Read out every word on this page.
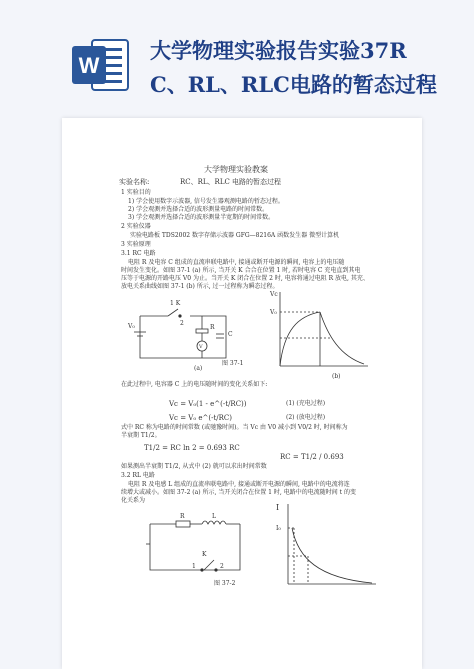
W
大学物理实验报告实验37R
C、RL、RLC电路的暂态过程
大学物理实验教案
实验名称:	RC、RL、RLC 电路的暂态过程
1 实验目的
1) 学会使用数字示波器, 信号发生器观测电路的暂态过程。
2) 学会观测并选择合适的波形测量电路的时间常数。
3) 学会观测并选择合适的波形测量半宽期的时间常数。
2 实验仪器
实验电路板 TDS2002 数字存储示波器 GFG—8216A 函数发生器 微型计算机
3 实验原理
3.1 RC 电路
电阻 R 及电容 C 组成的直流串联电路中, 接通或断开电源的瞬间, 电容上的电压随
时间发生变化。如图 37-1 (a) 所示, 当开关 K 合合在位置 1 时, 若时电容 C 充电直到其电
压等于电源的开路电压 V0 为止。当开关 K 闭合在位置 2 时, 电容将通过电阻 R 放电, 其充、
放电关系曲线如图 37-1 (b) 所示, 过一过程称为瞬态过程。
1 K
2
R
C
V₀
V
(a)
Vc
V₀
(b)
图 37-1
在此过程中, 电容器 C 上的电压随时间的变化关系如下:
Vc = V₀(1 - e^(-t/RC))	(1) (充电过程)
Vc = V₀ e^(-t/RC)	(2) (放电过程)
式中 RC 称为电路的时间常数 (或驰豫时间)。当 Vc 由 V0 减小到 V0/2 时, 时间称为
半衰期 T1/2。
T1/2 = RC ln 2 = 0.693 RC
RC = T1/2 / 0.693
如果测出半衰期 T1/2, 从式中 (2) 就可以求出时间常数
3.2 RL 电路
电阻 R 及电感 L 组成的直流串联电路中, 接通或断开电源的瞬间, 电路中的电流将连
续增大或减小。如图 37-2 (a) 所示, 当开关闭合在位置 1 时, 电路中的电流随时间 t 的变
化关系为
R	L
K
1	2
图 37-2
I
I₀
